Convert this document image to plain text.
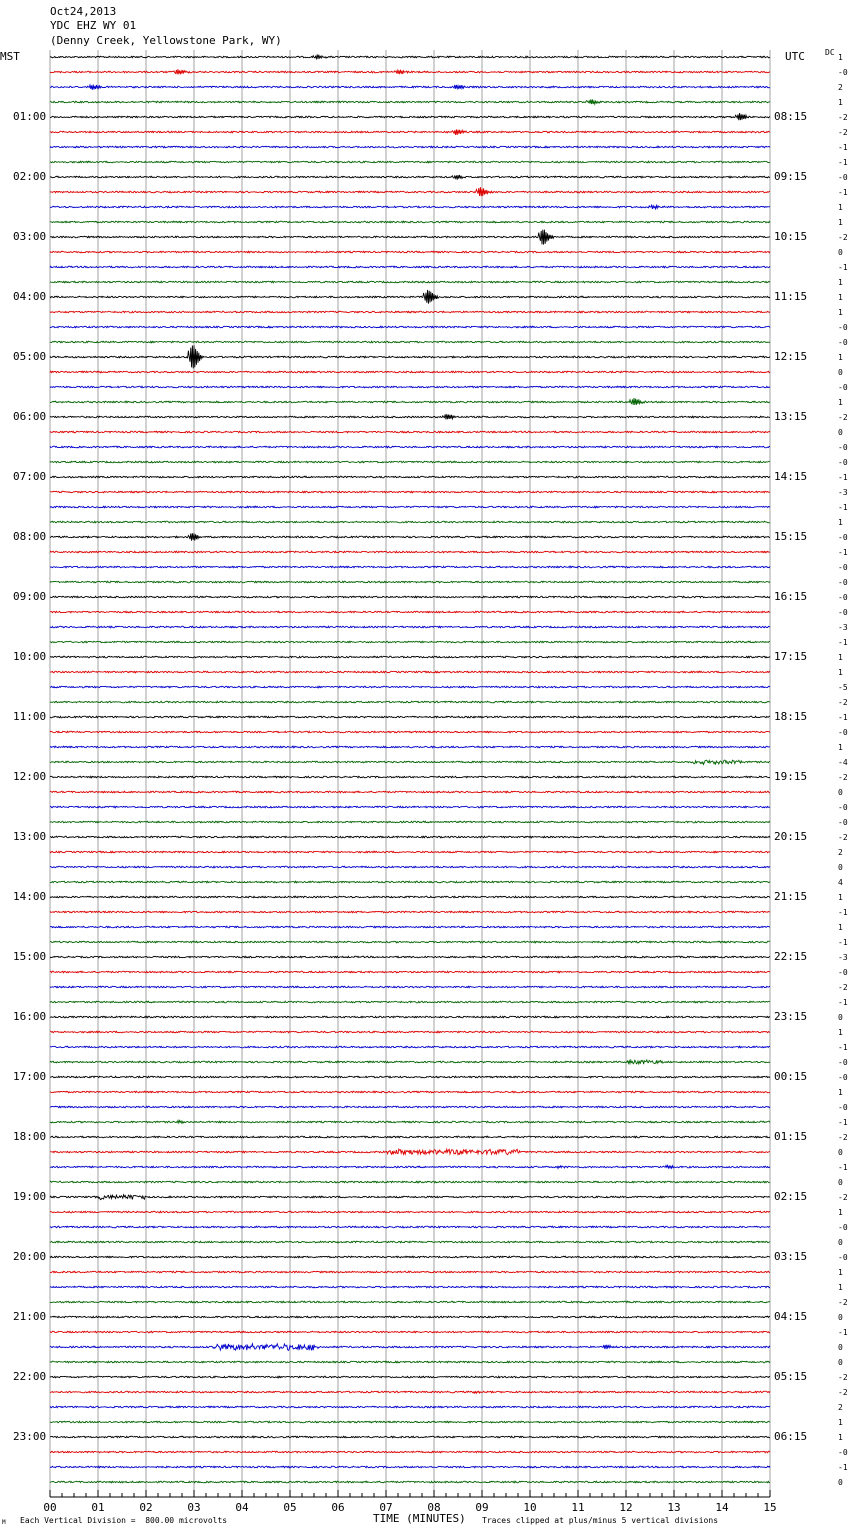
Oct24,2013
YDC EHZ WY 01
(Denny Creek, Yellowstone Park, WY)
MST	UTC	DC
00	01	02	03	04	05	06	07	08	09	10	11	12	13	14	15
01:00	08:15
02:00	09:15
03:00	10:15
04:00	11:15
05:00	12:15
06:00	13:15
07:00	14:15
08:00	15:15
09:00	16:15
10:00	17:15
11:00	18:15
12:00	19:15
13:00	20:15
14:00	21:15
15:00	22:15
16:00	23:15
17:00	00:15
18:00	01:15
19:00	02:15
20:00	03:15
21:00	04:15
22:00	05:15
23:00	06:15
1
-0
2
1
-2
-2
-1
-1
-0
-1
1
1
-2
0
-1
1
1
1
-0
-0
1
0
-0
1
-2
0
-0
-0
-1
-3
-1
1
-0
-1
-0
-0
-0
-0
-3
-1
1
1
-5
-2
-1
-0
1
-4
-2
0
-0
-0
-2
2
0
4
1
-1
1
-1
-3
-0
-2
-1
0
1
-1
-0
-0
1
-0
-1
-2
0
-1
0
-2
1
-0
0
-0
1
1
-2
0
-1
0
0
-2
-2
2
1
1
-0
-1
0
TIME (MINUTES)
Each Vertical Division =  800.00 microvolts	Traces clipped at plus/minus 5 vertical divisions
M
